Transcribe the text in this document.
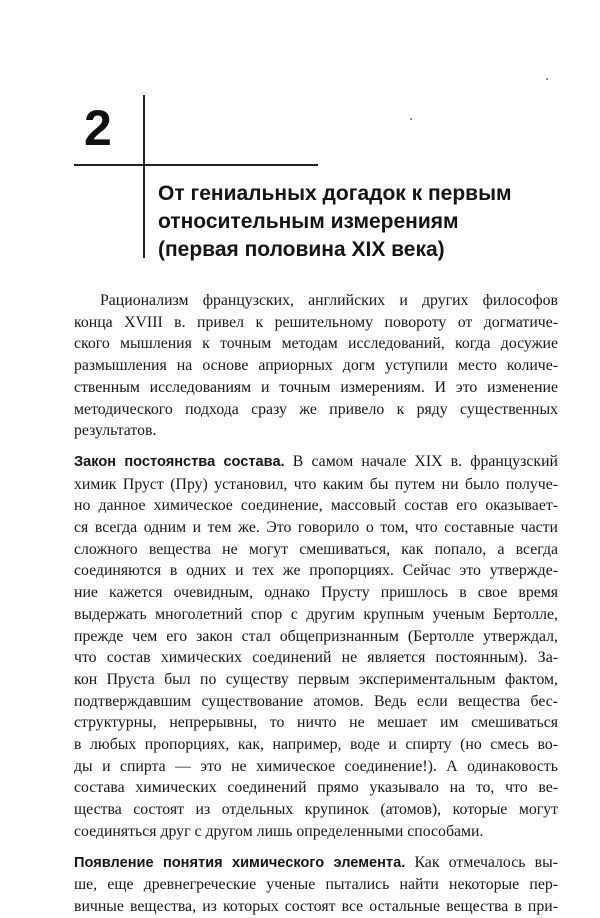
2
От гениальных догадок к первым
относительным измерениям
(первая половина XIX века)

Рационализм французских, английских и других философов
конца XVIII в. привел к решительному повороту от догматиче-
ского мышления к точным методам исследований, когда досужие
размышления на основе априорных догм уступили место количе-
ственным исследованиям и точным измерениям. И это изменение
методического подхода сразу же привело к ряду существенных
результатов.

Закон постоянства состава. В самом начале XIX в. французский
химик Пруст (Пру) установил, что каким бы путем ни было получе-
но данное химическое соединение, массовый состав его оказывает-
ся всегда одним и тем же. Это говорило о том, что составные части
сложного вещества не могут смешиваться, как попало, а всегда
соединяются в одних и тех же пропорциях. Сейчас это утвержде-
ние кажется очевидным, однако Прусту пришлось в свое время
выдержать многолетний спор с другим крупным ученым Бертолле,
прежде чем его закон стал общепризнанным (Бертолле утверждал,
что состав химических соединений не является постоянным). За-
кон Пруста был по существу первым экспериментальным фактом,
подтверждавшим существование атомов. Ведь если вещества бес-
структурны, непрерывны, то ничто не мешает им смешиваться
в любых пропорциях, как, например, воде и спирту (но смесь во-
ды и спирта — это не химическое соединение!). А одинаковость
состава химических соединений прямо указывало на то, что ве-
щества состоят из отдельных крупинок (атомов), которые могут
соединяться друг с другом лишь определенными способами.

Появление понятия химического элемента. Как отмечалось вы-
ше, еще древнегреческие ученые пытались найти некоторые пер-
вичные вещества, из которых состоят все остальные вещества в при-
